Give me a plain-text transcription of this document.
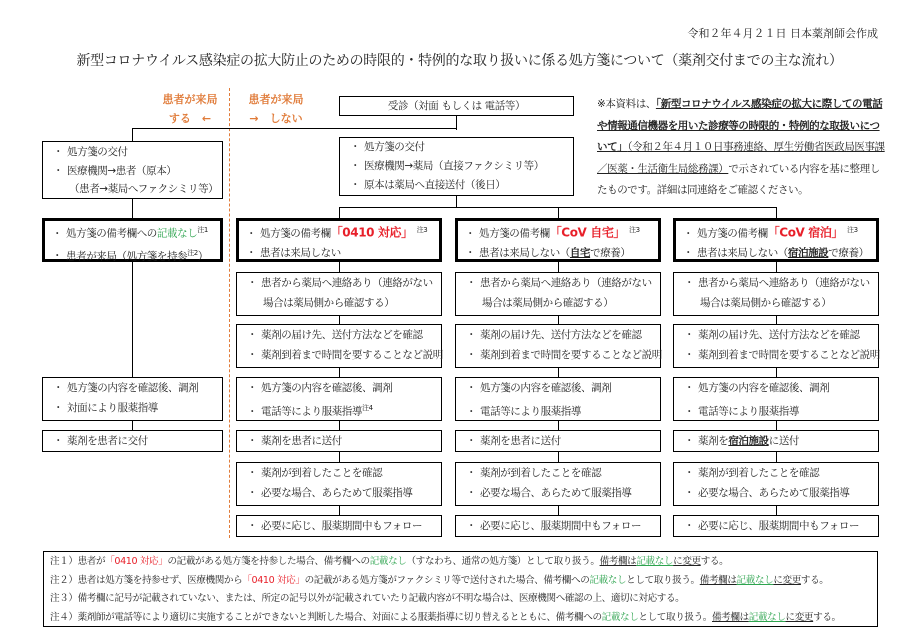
令和２年４月２１日 日本薬剤師会作成
新型コロナウイルス感染症の拡大防止のための時限的・特例的な取り扱いに係る処方箋について（薬剤交付までの主な流れ）
患者が来局
する　←
患者が来局
→　しない
受診（対面 もしくは 電話等）	※本資料は、「新型コロナウイルス感染症の拡大に際しての電話や情報通信機器を用いた診療等の時限的・特例的な取扱いについて」（令和２年４月１０日事務連絡、厚生労働省医政局医事課／医薬・生活衛生局総務課）で示されている内容を基に整理したものです。詳細は同連絡をご確認ください。
・ 処方箋の交付
・ 医療機関→患者（原本）
（患者→薬局へファクシミリ等）
・ 処方箋の備考欄への記載なし$^{注1}$
・ 患者が来局（処方箋を持参$^{注2}$）
・ 処方箋の内容を確認後、調剤
・ 対面により服薬指導
・ 薬剤を患者に交付
・ 処方箋の交付
・ 医療機関→薬局（直接ファクシミリ等）
・ 原本は薬局へ直接送付（後日）
・ 処方箋の備考欄「0410 対応」 $^{注3}$
・ 患者は来局しない
・ 患者から薬局へ連絡あり（連絡がない
場合は薬局側から確認する）
・ 薬剤の届け先、送付方法などを確認
・ 薬剤到着まで時間を要することなど説明
・ 処方箋の内容を確認後、調剤
・ 電話等により服薬指導$^{注4}$
・ 薬剤を患者に送付
・ 薬剤が到着したことを確認
・ 必要な場合、あらためて服薬指導
・ 必要に応じ、服薬期間中もフォロー
・ 処方箋の備考欄「CoV 自宅」 $^{注3}$
・ 患者は来局しない（自宅で療養）
・ 患者から薬局へ連絡あり（連絡がない
場合は薬局側から確認する）
・ 薬剤の届け先、送付方法などを確認
・ 薬剤到着まで時間を要することなど説明
・ 処方箋の内容を確認後、調剤
・ 電話等により服薬指導
・ 薬剤を患者に送付
・ 薬剤が到着したことを確認
・ 必要な場合、あらためて服薬指導
・ 必要に応じ、服薬期間中もフォロー
・ 処方箋の備考欄「CoV 宿泊」 $^{注3}$
・ 患者は来局しない（宿泊施設で療養）
・ 患者から薬局へ連絡あり（連絡がない
場合は薬局側から確認する）
・ 薬剤の届け先、送付方法などを確認
・ 薬剤到着まで時間を要することなど説明
・ 処方箋の内容を確認後、調剤
・ 電話等により服薬指導
・ 薬剤を宿泊施設に送付
・ 薬剤が到着したことを確認
・ 必要な場合、あらためて服薬指導
・ 必要に応じ、服薬期間中もフォロー
注１）患者が「0410 対応」の記載がある処方箋を持参した場合、備考欄への記載なし（すなわち、通常の処方箋）として取り扱う。備考欄は記載なしに変更する。
注２）患者は処方箋を持参せず、医療機関から「0410 対応」の記載がある処方箋がファクシミリ等で送付された場合、備考欄への記載なしとして取り扱う。備考欄は記載なしに変更する。
注３）備考欄に記号が記載されていない、または、所定の記号以外が記載されていたり記載内容が不明な場合は、医療機関へ確認の上、適切に対応する。
注４）薬剤師が電話等により適切に実施することができないと判断した場合、対面による服薬指導に切り替えるとともに、備考欄への記載なしとして取り扱う。備考欄は記載なしに変更する。
